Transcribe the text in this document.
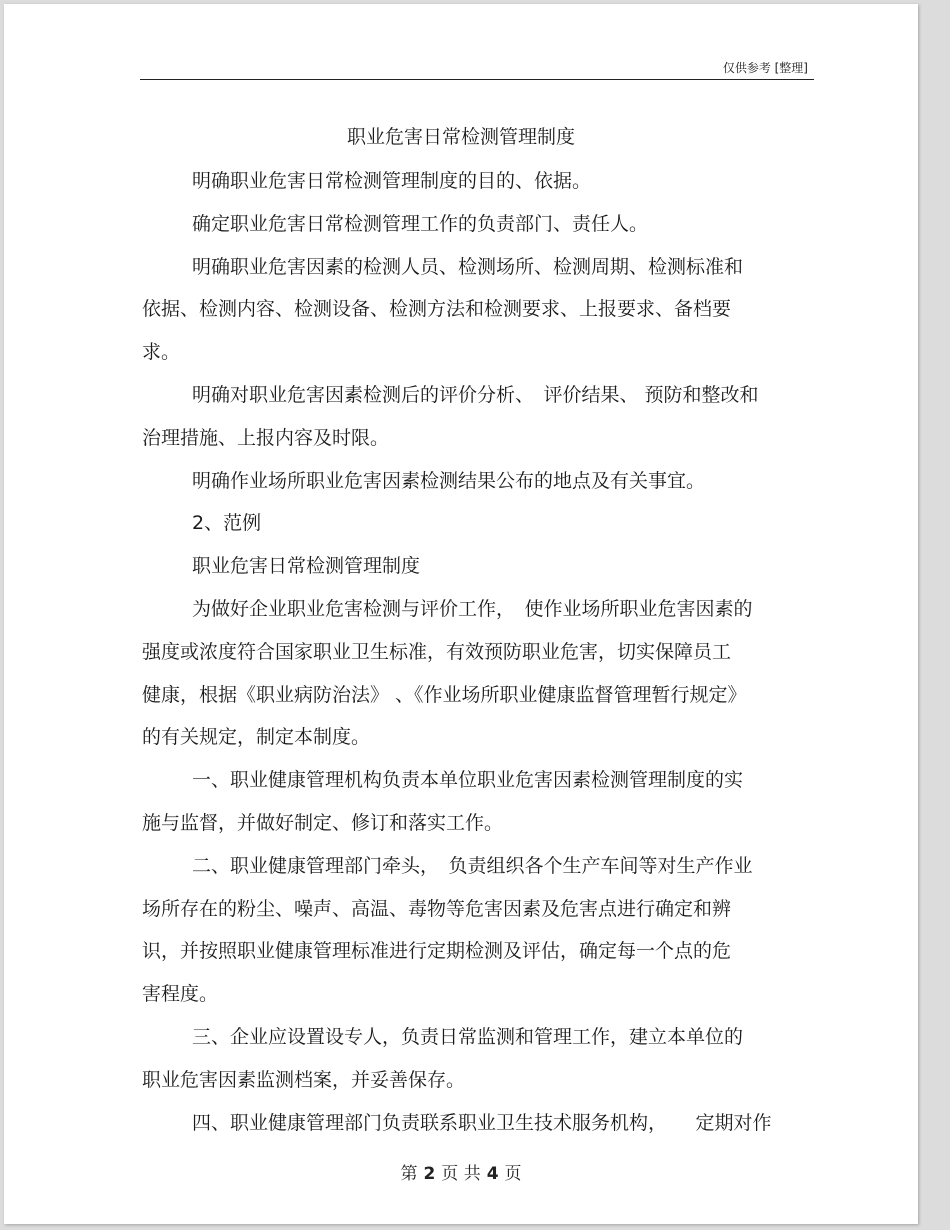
仅供参考 [整理]
职业危害日常检测管理制度

明确职业危害日常检测管理制度的目的、依据。

确定职业危害日常检测管理工作的负责部门、责任人。

明确职业危害因素的检测人员、检测场所、检测周期、检测标准和

依据、检测内容、检测设备、检测方法和检测要求、上报要求、备档要

求。

明确对职业危害因素检测后的评价分析、　评价结果、 预防和整改和

治理措施、上报内容及时限。

明确作业场所职业危害因素检测结果公布的地点及有关事宜。

2、范例

职业危害日常检测管理制度

为做好企业职业危害检测与评价工作，　使作业场所职业危害因素的

强度或浓度符合国家职业卫生标准，有效预防职业危害，切实保障员工

健康，根据《职业病防治法》 、《作业场所职业健康监督管理暂行规定》

的有关规定，制定本制度。

一、职业健康管理机构负责本单位职业危害因素检测管理制度的实

施与监督，并做好制定、修订和落实工作。

二、职业健康管理部门牵头，　负责组织各个生产车间等对生产作业

场所存在的粉尘、噪声、高温、毒物等危害因素及危害点进行确定和辨

识，并按照职业健康管理标准进行定期检测及评估，确定每一个点的危

害程度。

三、企业应设置设专人，负责日常监测和管理工作，建立本单位的

职业危害因素监测档案，并妥善保存。

四、职业健康管理部门负责联系职业卫生技术服务机构，　　定期对作

第 2 页 共 4 页
